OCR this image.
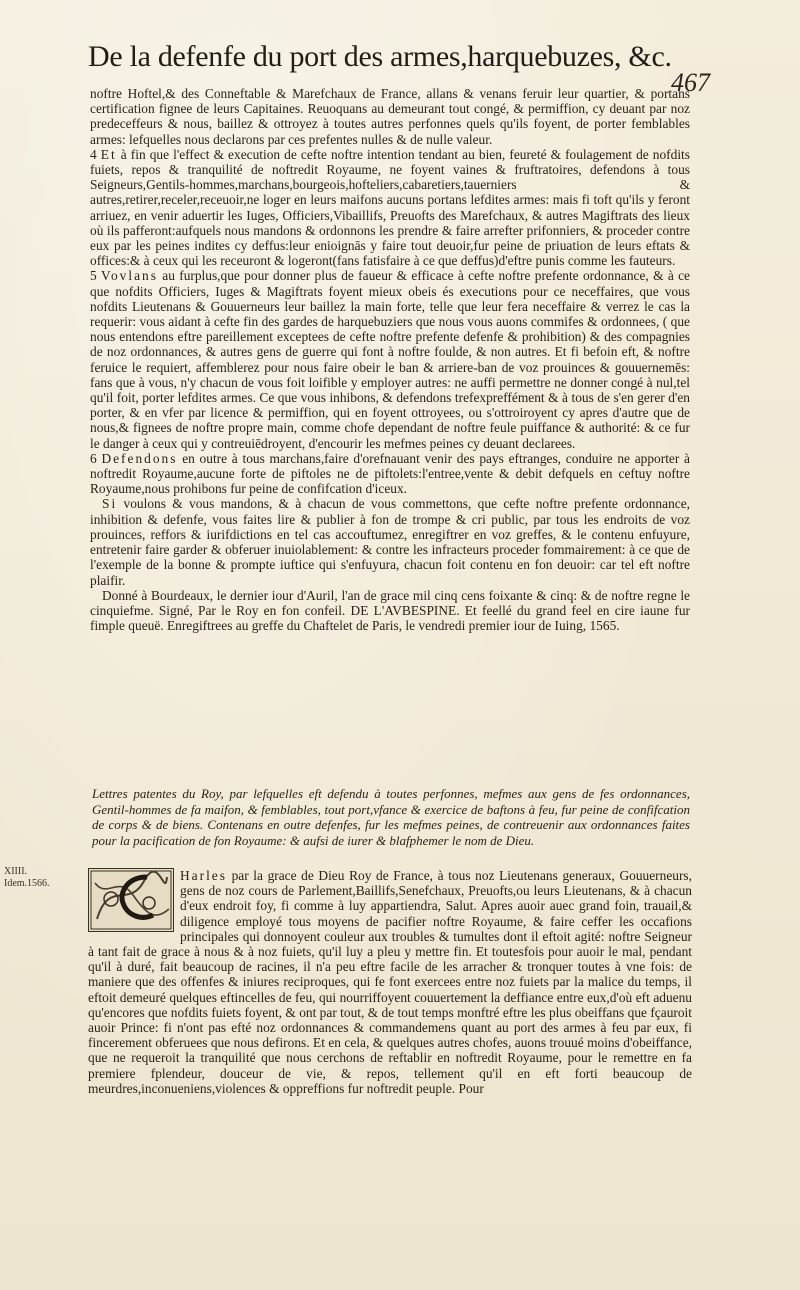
De la defenfe du port des armes,harquebuzes, &c.
467

noftre Hoftel,& des Conneftable & Marefchaux de France, allans & venans feruir leur quartier, & portans certification fignee de leurs Capitaines. Reuoquans au demeurant tout congé, & permiffion, cy deuant par noz predeceffeurs & nous, baillez & ottroyez à toutes autres perfonnes quels qu'ils foyent, de porter femblables armes: lefquelles nous declarons par ces prefentes nulles & de nulle valeur.

4 Et à fin que l'effect & execution de cefte noftre intention tendant au bien, feureté & foulagement de nofdits fuiets, repos & tranquilité de noftredit Royaume, ne foyent vaines & fruftratoires, defendons à tous Seigneurs,Gentils-hommes,marchans,bourgeois,hofteliers,cabaretiers,tauerniers & autres,retirer,receler,receuoir,ne loger en leurs maifons aucuns portans lefdites armes: mais fi toft qu'ils y feront arriuez, en venir aduertir les Iuges, Officiers,Vibaillifs, Preuofts des Marefchaux, & autres Magiftrats des lieux où ils pafferont:aufquels nous mandons & ordonnons les prendre & faire arrefter prifonniers, & proceder contre eux par les peines indites cy deffus:leur enioignās y faire tout deuoir,fur peine de priuation de leurs eftats & offices:& à ceux qui les receuront & logeront(fans fatisfaire à ce que deffus)d'eftre punis comme les fauteurs.

5 Vovlans au furplus,que pour donner plus de faueur & efficace à cefte noftre prefente ordonnance, & à ce que nofdits Officiers, Iuges & Magiftrats foyent mieux obeis és executions pour ce neceffaires, que vous nofdits Lieutenans & Gouuerneurs leur baillez la main forte, telle que leur fera neceffaire & verrez le cas la requerir: vous aidant à cefte fin des gardes de harquebuziers que nous vous auons commifes & ordonnees, ( que nous entendons eftre pareillement exceptees de cefte noftre prefente defenfe & prohibition) & des compagnies de noz ordonnances, & autres gens de guerre qui font à noftre foulde, & non autres. Et fi befoin eft, & noftre feruice le requiert, affemblerez pour nous faire obeir le ban & arriere-ban de voz prouinces & gouuernemēs: fans que à vous, n'y chacun de vous foit loifible y employer autres: ne auffi permettre ne donner congé à nul,tel qu'il foit, porter lefdites armes. Ce que vous inhibons, & defendons trefexpreffément & à tous de s'en gerer d'en porter, & en vfer par licence & permiffion, qui en foyent ottroyees, ou s'ottroiroyent cy apres d'autre que de nous,& fignees de noftre propre main, comme chofe dependant de noftre feule puiffance & authorité: & ce fur le danger à ceux qui y contreuiēdroyent, d'encourir les mefmes peines cy deuant declarees.

6 Defendons en outre à tous marchans,faire d'orefnauant venir des pays eftranges, conduire ne apporter à noftredit Royaume,aucune forte de piftoles ne de piftolets:l'entree,vente & debit defquels en ceftuy noftre Royaume,nous prohibons fur peine de confifcation d'iceux.

Si voulons & vous mandons, & à chacun de vous commettons, que cefte noftre prefente ordonnance, inhibition & defenfe, vous faites lire & publier à fon de trompe & cri public, par tous les endroits de voz prouinces, reffors & iurifdictions en tel cas accouftumez, enregiftrer en voz greffes, & le contenu enfuyure, entretenir faire garder & obferuer inuiolablement: & contre les infracteurs proceder fommairement: à ce que de l'exemple de la bonne & prompte iuftice qui s'enfuyura, chacun foit contenu en fon deuoir: car tel eft noftre plaifir.

Donné à Bourdeaux, le dernier iour d'Auril, l'an de grace mil cinq cens foixante & cinq: & de noftre regne le cinquiefme. Signé, Par le Roy en fon confeil. DE L'AVBESPINE. Et feellé du grand feel en cire iaune fur fimple queuë. Enregiftrees au greffe du Chaftelet de Paris, le vendredi premier iour de Iuing, 1565.

Lettres patentes du Roy, par lefquelles eft defendu à toutes perfonnes, mefmes aux gens de fes ordonnances, Gentil-hommes de fa maifon, & femblables, tout port,vfance & exercice de baftons à feu, fur peine de confifcation de corps & de biens. Contenans en outre defenfes, fur les mefmes peines, de contreuenir aux ordonnances faites pour la pacification de fon Royaume: & aufsi de iurer & blafphemer le nom de Dieu.
XIIII.
Idem.1566.
Harles par la grace de Dieu Roy de France, à tous noz Lieutenans generaux, Gouuerneurs, gens de noz cours de Parlement,Baillifs,Senefchaux, Preuofts,ou leurs Lieutenans, & à chacun d'eux endroit foy, fi comme à luy appartiendra, Salut. Apres auoir auec grand foin, trauail,& diligence employé tous moyens de pacifier noftre Royaume, & faire ceffer les occafions principales qui donnoyent couleur aux troubles & tumultes dont il eftoit agité: noftre Seigneur à tant fait de grace à nous & à noz fuiets, qu'il luy a pleu y mettre fin. Et toutesfois pour auoir le mal, pendant qu'il à duré, fait beaucoup de racines, il n'a peu eftre facile de les arracher & tronquer toutes à vne fois: de maniere que des offenfes & iniures reciproques, qui fe font exercees entre noz fuiets par la malice du temps, il eftoit demeuré quelques eftincelles de feu, qui nourriffoyent couuertement la deffiance entre eux,d'où eft aduenu qu'encores que nofdits fuiets foyent, & ont par tout, & de tout temps monftré eftre les plus obeiffans que fçauroit auoir Prince: fi n'ont pas efté noz ordonnances & commandemens quant au port des armes à feu par eux, fi fincerement obferuees que nous defirons. Et en cela, & quelques autres chofes, auons trouué moins d'obeiffance, que ne requeroit la tranquilité que nous cerchons de reftablir en noftredit Royaume, pour le remettre en fa premiere fplendeur, douceur de vie, & repos, tellement qu'il en eft forti beaucoup de meurdres,inconueniens,violences & oppreffions fur noftredit peuple. Pour
